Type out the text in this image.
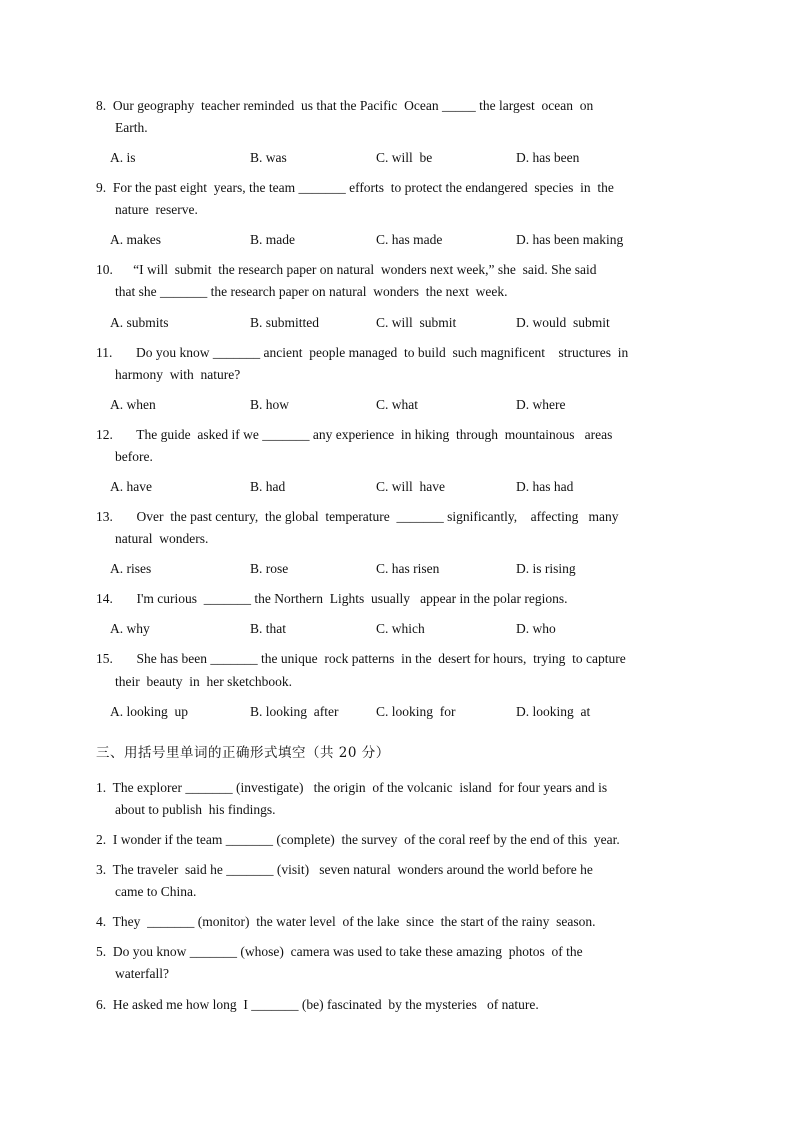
8.  Our geography  teacher reminded  us that the Pacific  Ocean _____ the largest  ocean  on
Earth.
A. is	B. was	C. will  be	D. has been
9.  For the past eight  years, the team _______ efforts  to protect the endangered  species  in  the
nature  reserve.
A. makes	B. made	C. has made	D. has been making
10.      “I will  submit  the research paper on natural  wonders next week,” she  said. She said
that she _______ the research paper on natural  wonders  the next  week.
A. submits	B. submitted	C. will  submit	D. would  submit
11.       Do you know _______ ancient  people managed  to build  such magnificent    structures  in
harmony  with  nature?
A. when	B. how	C. what	D. where
12.       The guide  asked if we _______ any experience  in hiking  through  mountainous   areas
before.
A. have	B. had	C. will  have	D. has had
13.       Over  the past century,  the global  temperature  _______ significantly,    affecting   many
natural  wonders.
A. rises	B. rose	C. has risen	D. is rising
14.       I'm curious  _______ the Northern  Lights  usually   appear in the polar regions.
A. why	B. that	C. which	D. who
15.       She has been _______ the unique  rock patterns  in the  desert for hours,  trying  to capture
their  beauty  in  her sketchbook.
A. looking  up	B. looking  after	C. looking  for	D. looking  at
三、用括号里单词的正确形式填空（共 20 分）
1.  The explorer _______ (investigate)   the origin  of the volcanic  island  for four years and is
about to publish  his findings.
2.  I wonder if the team _______ (complete)  the survey  of the coral reef by the end of this  year.
3.  The traveler  said he _______ (visit)   seven natural  wonders around the world before he
came to China.
4.  They  _______ (monitor)  the water level  of the lake  since  the start of the rainy  season.
5.  Do you know _______ (whose)  camera was used to take these amazing  photos  of the
waterfall?
6.  He asked me how long  I _______ (be) fascinated  by the mysteries   of nature.
